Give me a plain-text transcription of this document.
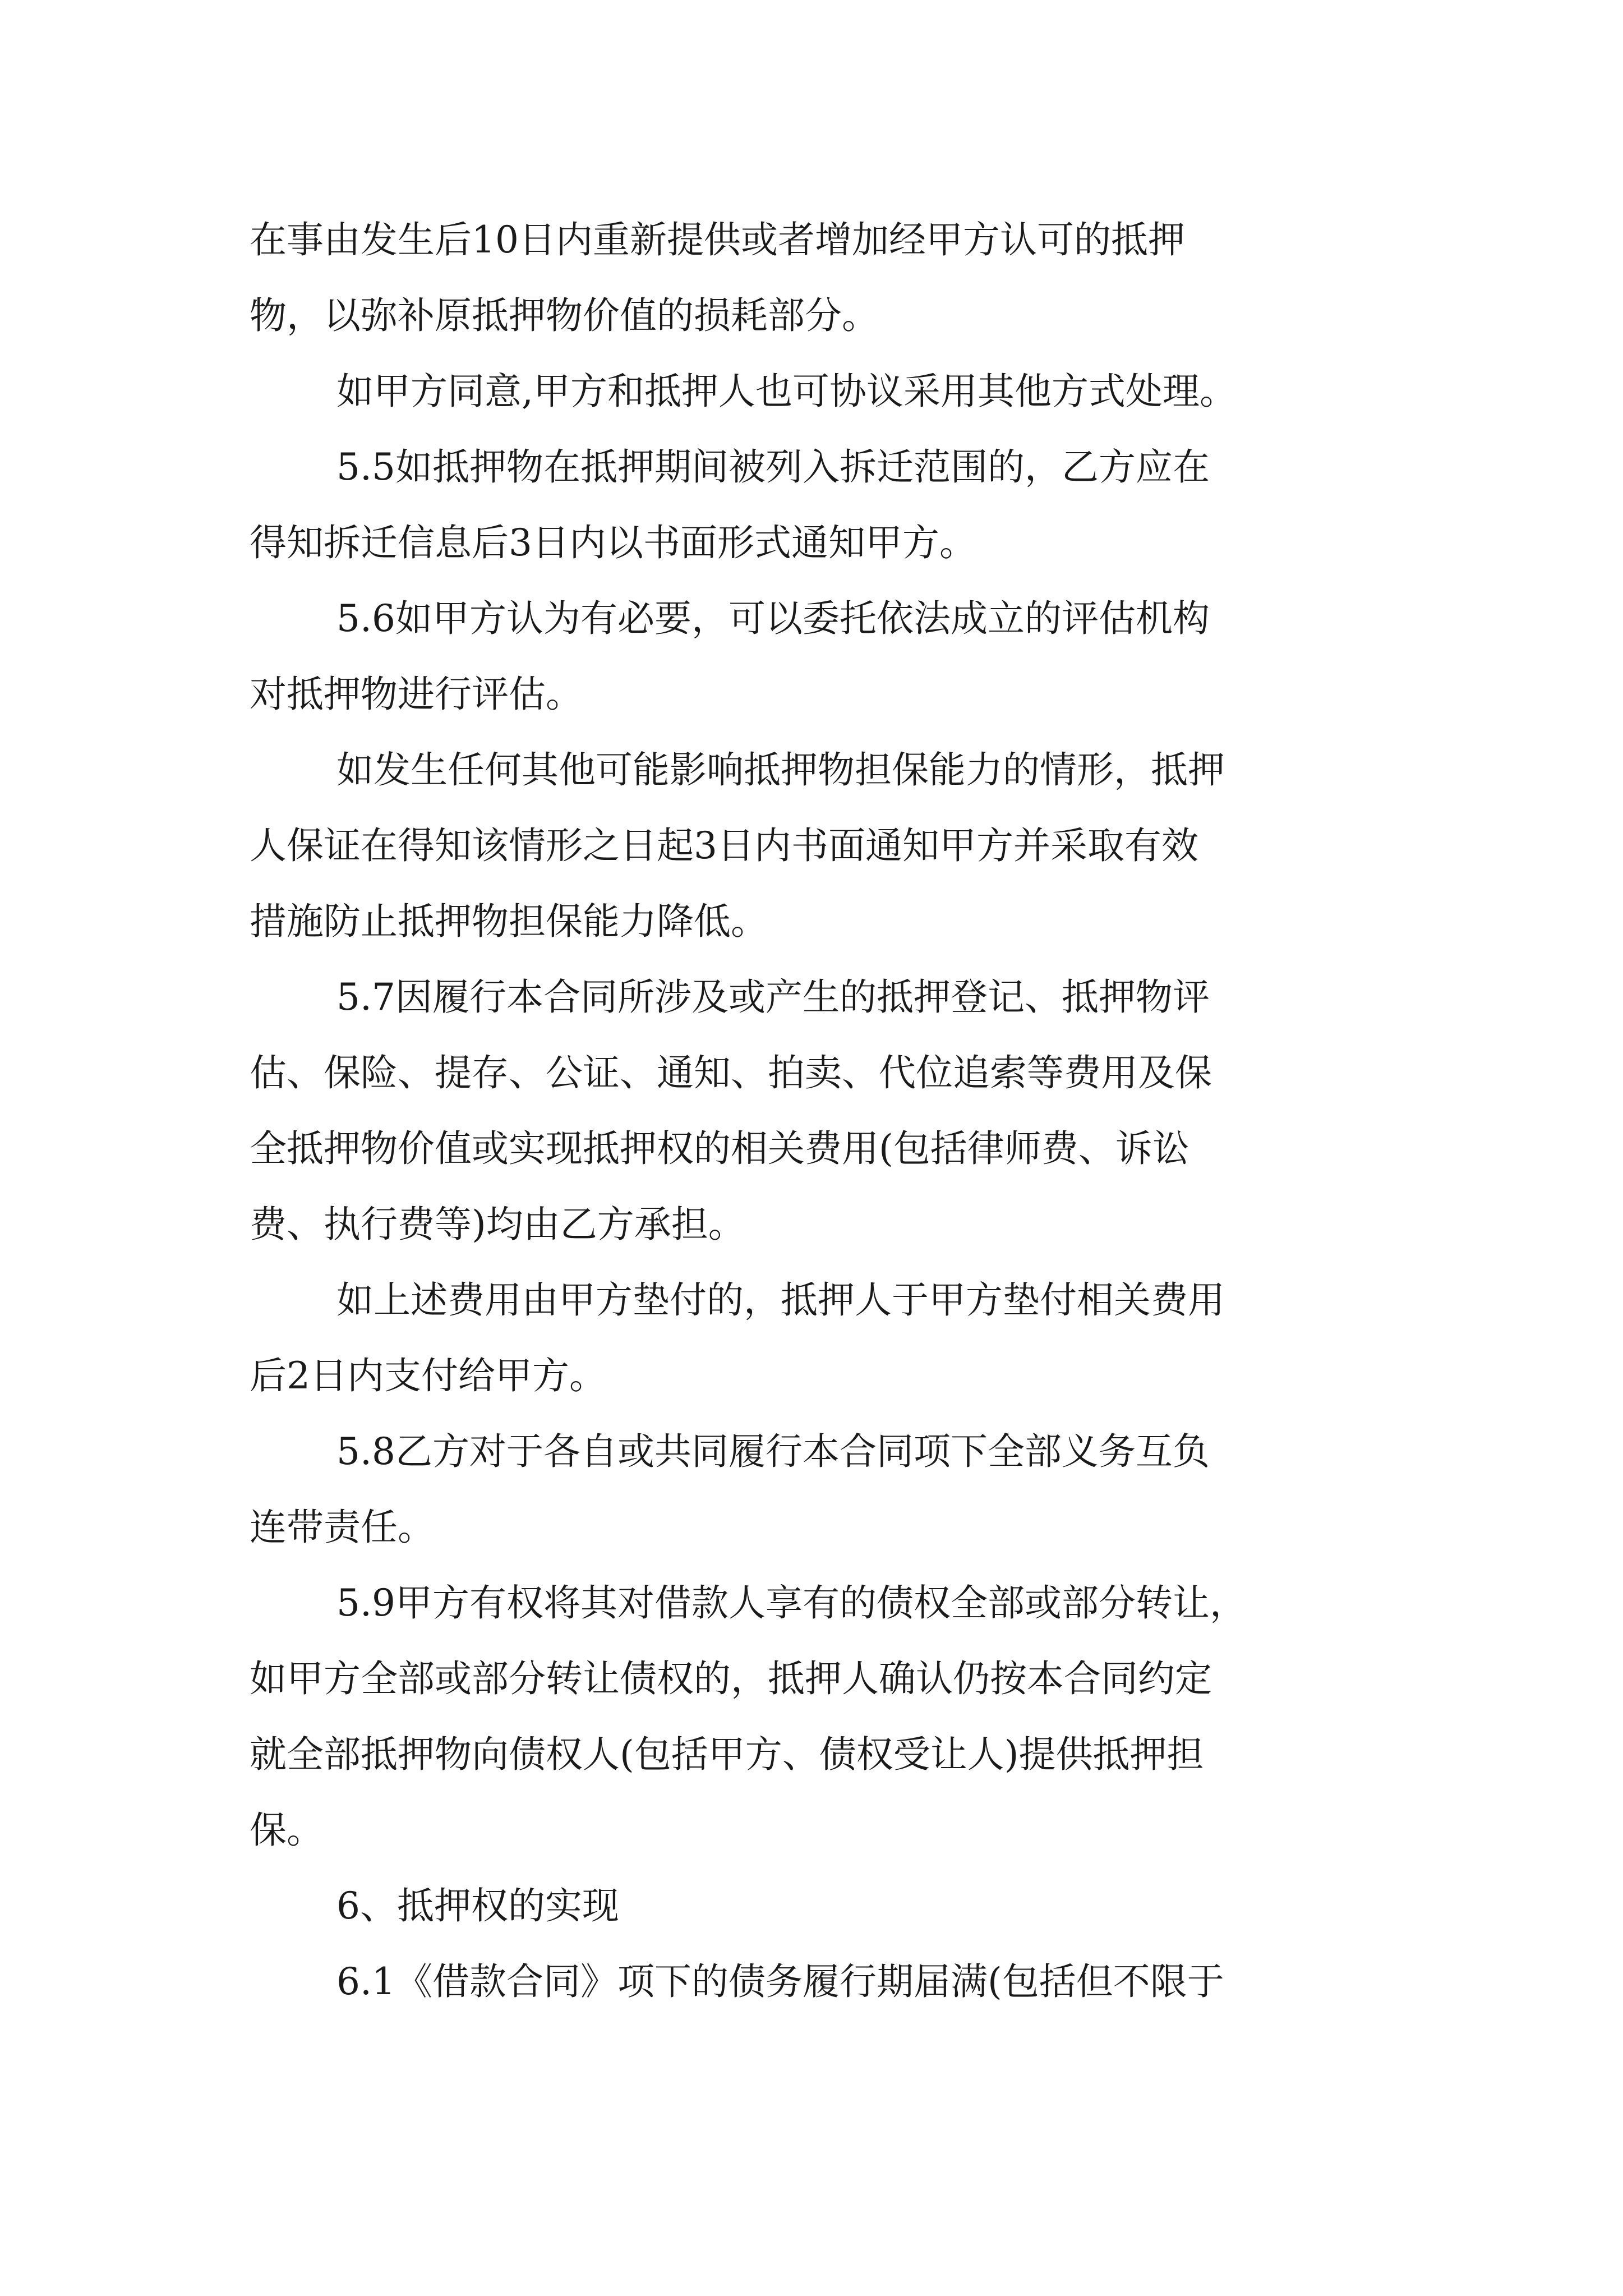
在事由发生后10日内重新提供或者增加经甲方认可的抵押
物，以弥补原抵押物价值的损耗部分。
如甲方同意,甲方和抵押人也可协议采用其他方式处理。
5.5如抵押物在抵押期间被列入拆迁范围的，乙方应在
得知拆迁信息后3日内以书面形式通知甲方。
5.6如甲方认为有必要，可以委托依法成立的评估机构
对抵押物进行评估。
如发生任何其他可能影响抵押物担保能力的情形，抵押
人保证在得知该情形之日起3日内书面通知甲方并采取有效
措施防止抵押物担保能力降低。
5.7因履行本合同所涉及或产生的抵押登记、抵押物评
估、保险、提存、公证、通知、拍卖、代位追索等费用及保
全抵押物价值或实现抵押权的相关费用(包括律师费、诉讼
费、执行费等)均由乙方承担。
如上述费用由甲方垫付的，抵押人于甲方垫付相关费用
后2日内支付给甲方。
5.8乙方对于各自或共同履行本合同项下全部义务互负
连带责任。
5.9甲方有权将其对借款人享有的债权全部或部分转让，
如甲方全部或部分转让债权的，抵押人确认仍按本合同约定
就全部抵押物向债权人(包括甲方、债权受让人)提供抵押担
保。
6、抵押权的实现
6.1《借款合同》项下的债务履行期届满(包括但不限于
